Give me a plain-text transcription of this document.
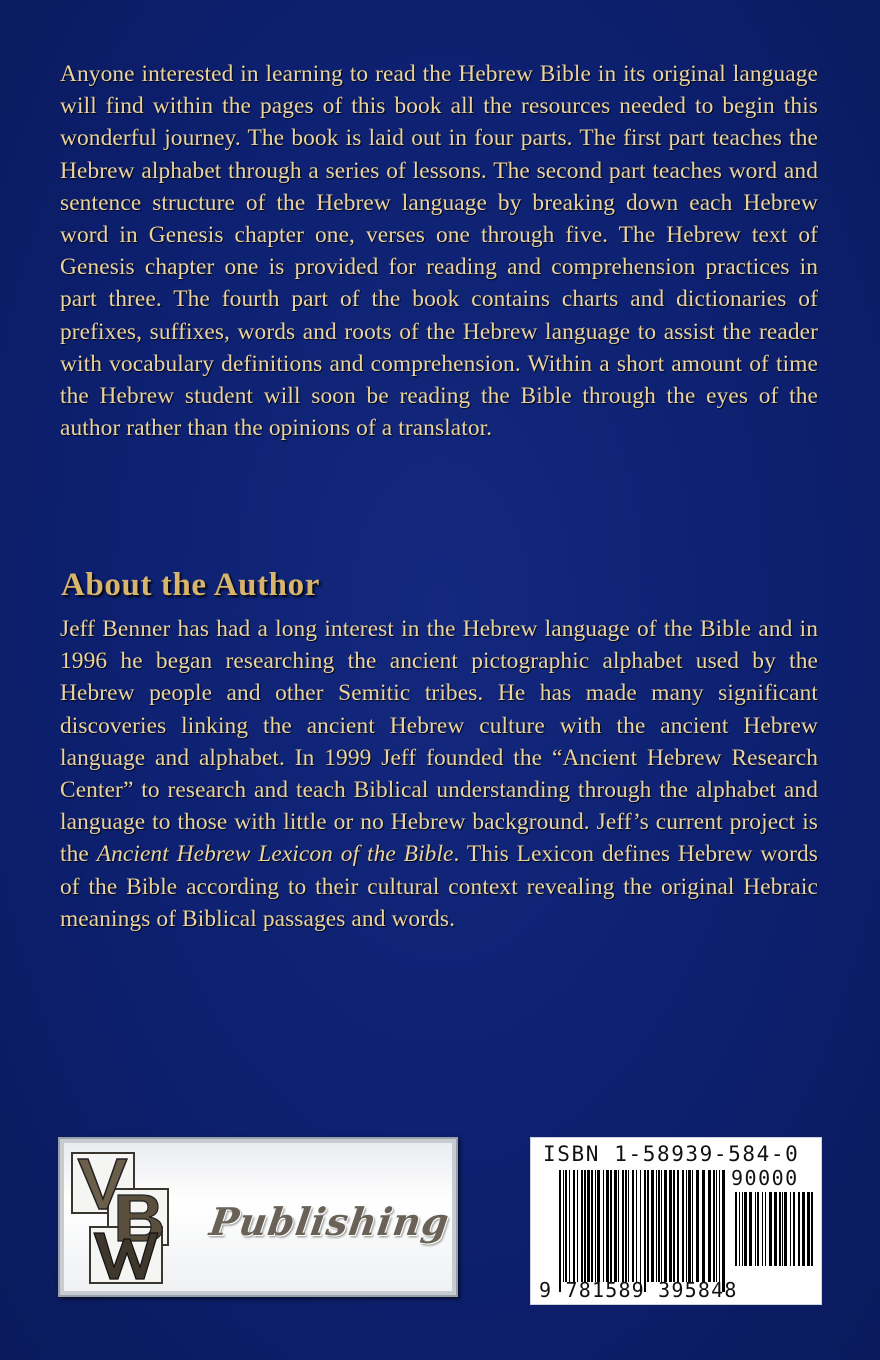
Anyone interested in learning to read the Hebrew Bible in its original language will find within the pages of this book all the resources needed to begin this wonderful journey. The book is laid out in four parts. The first part teaches the Hebrew alphabet through a series of lessons. The second part teaches word and sentence structure of the Hebrew language by breaking down each Hebrew word in Genesis chapter one, verses one through five. The Hebrew text of Genesis chapter one is provided for reading and comprehension practices in part three. The fourth part of the book contains charts and dictionaries of prefixes, suffixes, words and roots of the Hebrew language to assist the reader with vocabulary definitions and comprehension. Within a short amount of time the Hebrew student will soon be reading the Bible through the eyes of the author rather than the opinions of a translator.
About the Author
Jeff Benner has had a long interest in the Hebrew language of the Bible and in 1996 he began researching the ancient pictographic alphabet used by the Hebrew people and other Semitic tribes. He has made many significant discoveries linking the ancient Hebrew culture with the ancient Hebrew language and alphabet. In 1999 Jeff founded the “Ancient Hebrew Research Center” to research and teach Biblical understanding through the alphabet and language to those with little or no Hebrew background. Jeff’s current project is the Ancient Hebrew Lexicon of the Bible. This Lexicon defines Hebrew words of the Bible according to their cultural context revealing the original Hebraic meanings of Biblical passages and words.
Publishing
ISBN 1-58939-584-0
90000
9 781589 395848
